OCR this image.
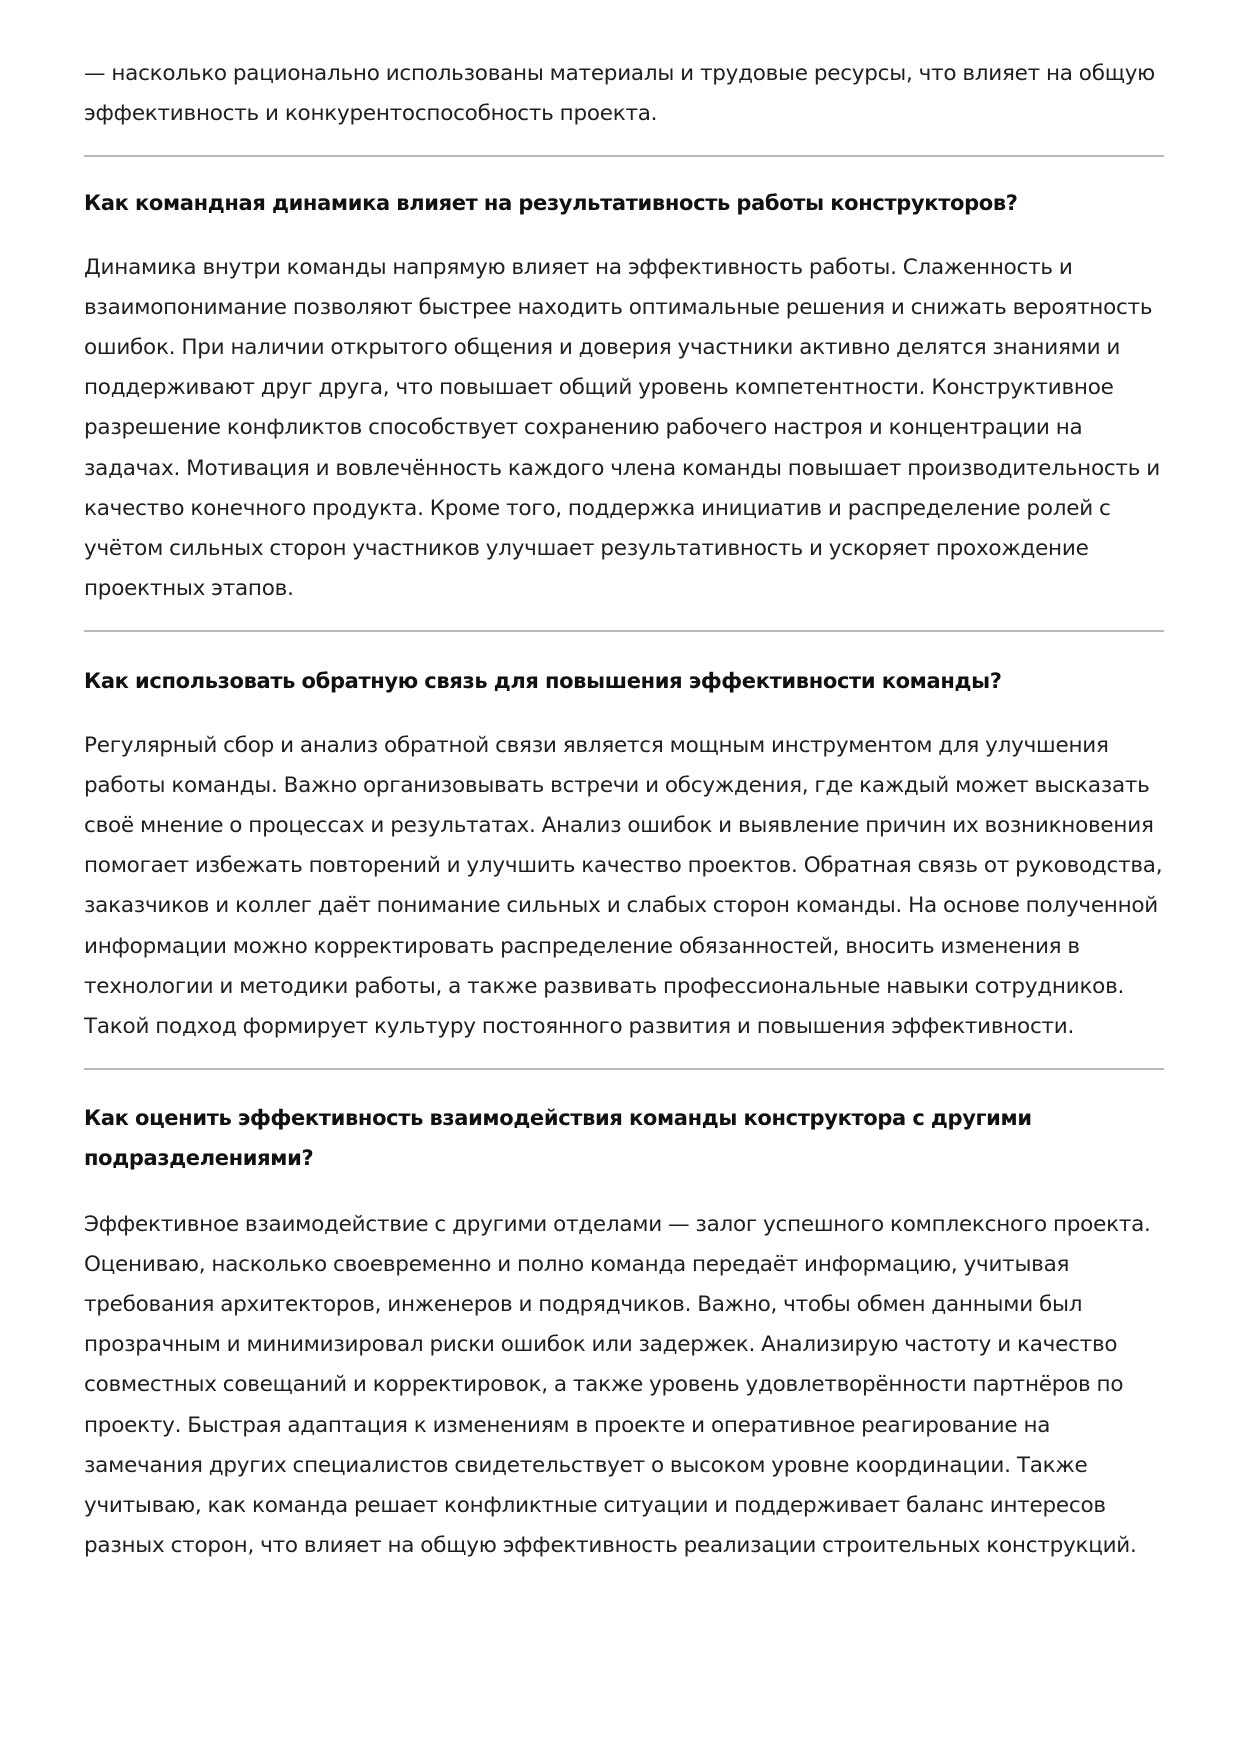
— насколько рационально использованы материалы и трудовые ресурсы, что влияет на общую эффективность и конкурентоспособность проекта.

Как командная динамика влияет на результативность работы конструкторов?

Динамика внутри команды напрямую влияет на эффективность работы. Слаженность и взаимопонимание позволяют быстрее находить оптимальные решения и снижать вероятность ошибок. При наличии открытого общения и доверия участники активно делятся знаниями и поддерживают друг друга, что повышает общий уровень компетентности. Конструктивное разрешение конфликтов способствует сохранению рабочего настроя и концентрации на задачах. Мотивация и вовлечённость каждого члена команды повышает производительность и качество конечного продукта. Кроме того, поддержка инициатив и распределение ролей с учётом сильных сторон участников улучшает результативность и ускоряет прохождение проектных этапов.

Как использовать обратную связь для повышения эффективности команды?

Регулярный сбор и анализ обратной связи является мощным инструментом для улучшения работы команды. Важно организовывать встречи и обсуждения, где каждый может высказать своё мнение о процессах и результатах. Анализ ошибок и выявление причин их возникновения помогает избежать повторений и улучшить качество проектов. Обратная связь от руководства, заказчиков и коллег даёт понимание сильных и слабых сторон команды. На основе полученной информации можно корректировать распределение обязанностей, вносить изменения в технологии и методики работы, а также развивать профессиональные навыки сотрудников. Такой подход формирует культуру постоянного развития и повышения эффективности.

Как оценить эффективность взаимодействия команды конструктора с другими подразделениями?

Эффективное взаимодействие с другими отделами — залог успешного комплексного проекта. Оцениваю, насколько своевременно и полно команда передаёт информацию, учитывая требования архитекторов, инженеров и подрядчиков. Важно, чтобы обмен данными был прозрачным и минимизировал риски ошибок или задержек. Анализирую частоту и качество совместных совещаний и корректировок, а также уровень удовлетворённости партнёров по проекту. Быстрая адаптация к изменениям в проекте и оперативное реагирование на замечания других специалистов свидетельствует о высоком уровне координации. Также учитываю, как команда решает конфликтные ситуации и поддерживает баланс интересов разных сторон, что влияет на общую эффективность реализации строительных конструкций.
